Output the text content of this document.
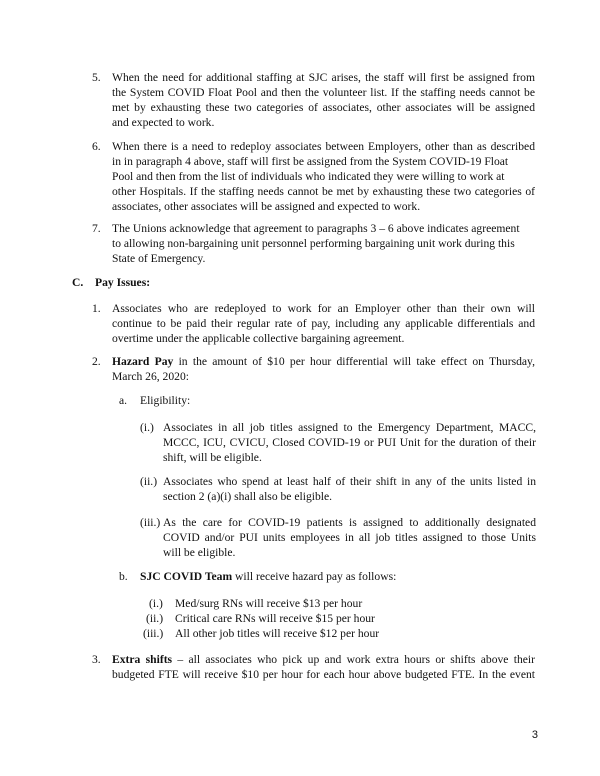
5. When the need for additional staffing at SJC arises, the staff will first be assigned from
the System COVID Float Pool and then the volunteer list. If the staffing needs cannot be
met by exhausting these two categories of associates, other associates will be assigned
and expected to work.
6. When there is a need to redeploy associates between Employers, other than as described
in in paragraph 4 above, staff will first be assigned from the System COVID-19 Float
Pool and then from the list of individuals who indicated they were willing to work at
other Hospitals. If the staffing needs cannot be met by exhausting these two categories of
associates, other associates will be assigned and expected to work.
7. The Unions acknowledge that agreement to paragraphs 3 – 6 above indicates agreement
to allowing non-bargaining unit personnel performing bargaining unit work during this
State of Emergency.
C. Pay Issues:
1. Associates who are redeployed to work for an Employer other than their own will
continue to be paid their regular rate of pay, including any applicable differentials and
overtime under the applicable collective bargaining agreement.
2. Hazard Pay in the amount of $10 per hour differential will take effect on Thursday,
March 26, 2020:
a. Eligibility:
(i.) Associates in all job titles assigned to the Emergency Department, MACC,
MCCC, ICU, CVICU, Closed COVID-19 or PUI Unit for the duration of their
shift, will be eligible.
(ii.) Associates who spend at least half of their shift in any of the units listed in
section 2 (a)(i) shall also be eligible.
(iii.) As the care for COVID-19 patients is assigned to additionally designated
COVID and/or PUI units employees in all job titles assigned to those Units
will be eligible.
b. SJC COVID Team will receive hazard pay as follows:
(i.) Med/surg RNs will receive $13 per hour
(ii.) Critical care RNs will receive $15 per hour
(iii.) All other job titles will receive $12 per hour
3. Extra shifts – all associates who pick up and work extra hours or shifts above their
budgeted FTE will receive $10 per hour for each hour above budgeted FTE. In the event
3
